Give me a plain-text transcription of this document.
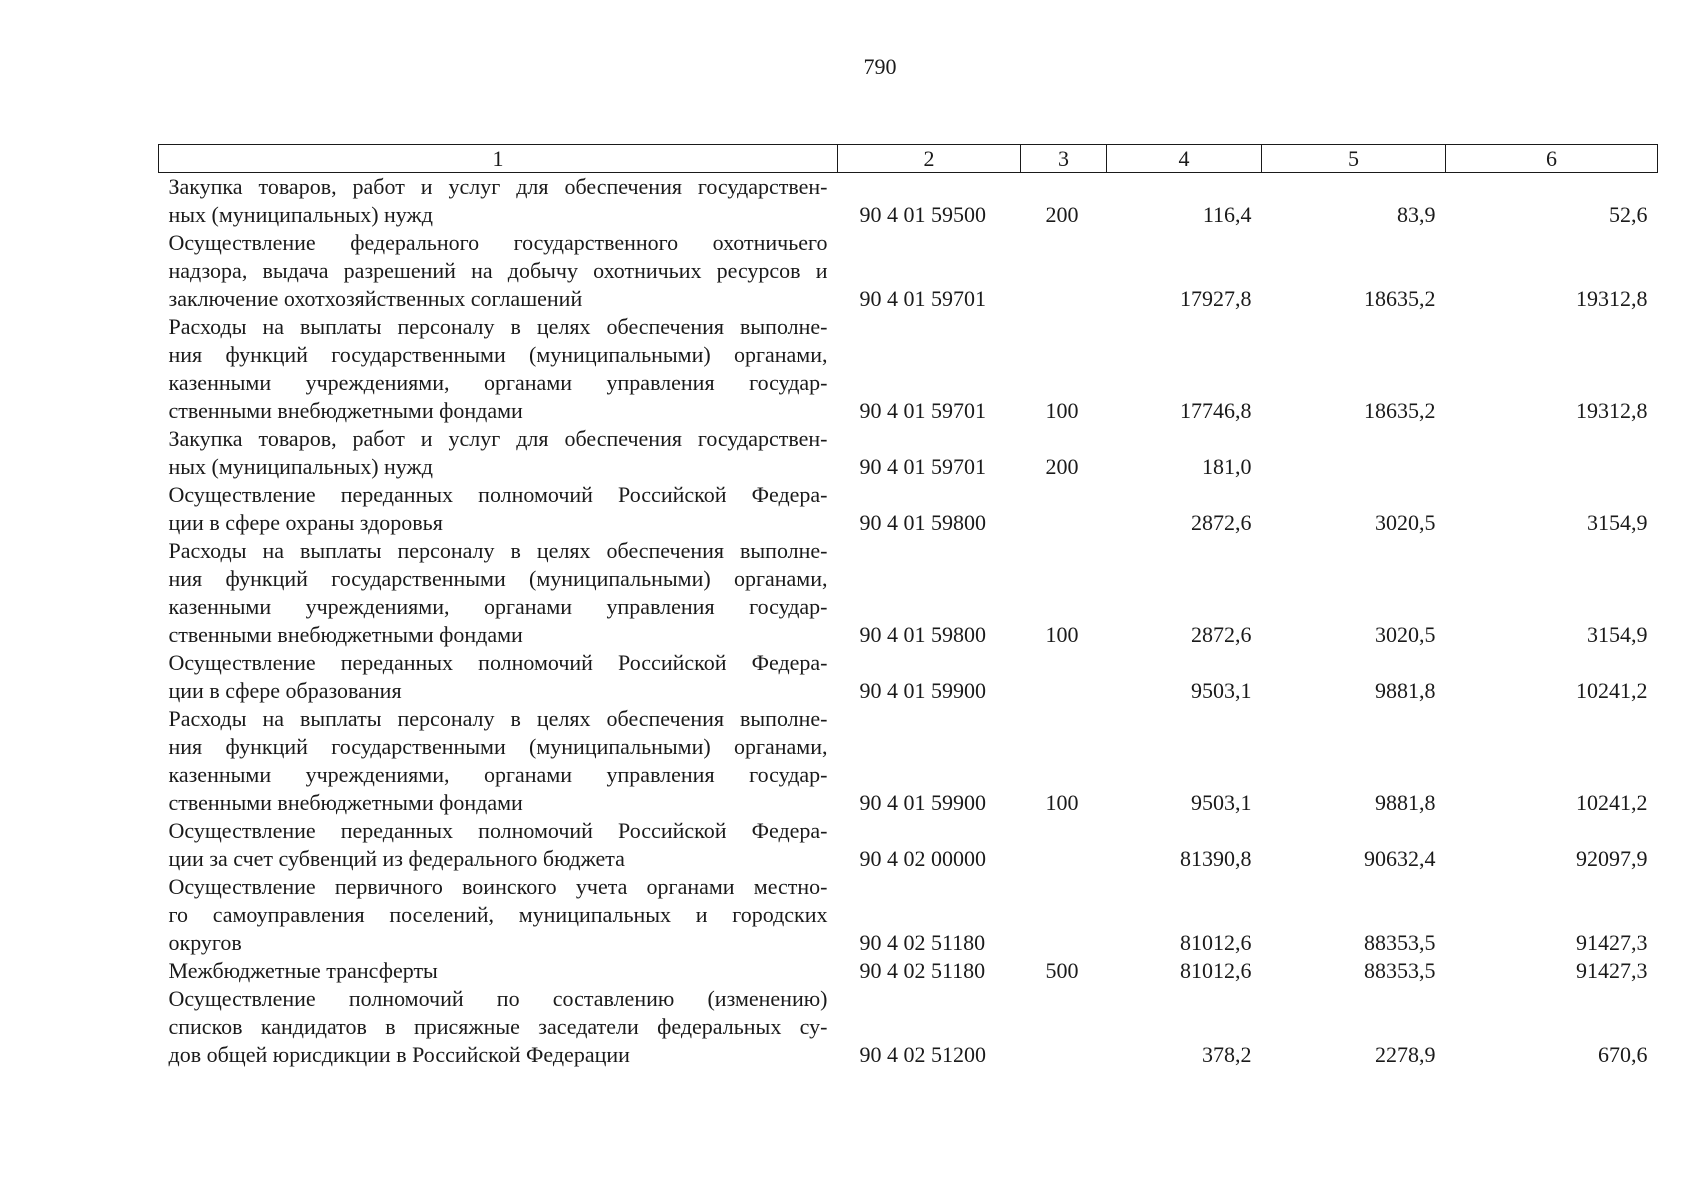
790
1	2	3	4	5	6

Закупка товаров, работ и услуг для обеспечения государствен-
ных (муниципальных) нужд	90 4 01 59500	200	116,4	83,9	52,6

Осуществление федерального государственного охотничьего
надзора, выдача разрешений на добычу охотничьих ресурсов и
заключение охотхозяйственных соглашений	90 4 01 59701		17927,8	18635,2	19312,8

Расходы на выплаты персоналу в целях обеспечения выполне-
ния функций государственными (муниципальными) органами,
казенными учреждениями, органами управления государ-
ственными внебюджетными фондами	90 4 01 59701	100	17746,8	18635,2	19312,8

Закупка товаров, работ и услуг для обеспечения государствен-
ных (муниципальных) нужд	90 4 01 59701	200	181,0		

Осуществление переданных полномочий Российской Федера-
ции в сфере охраны здоровья	90 4 01 59800		2872,6	3020,5	3154,9

Расходы на выплаты персоналу в целях обеспечения выполне-
ния функций государственными (муниципальными) органами,
казенными учреждениями, органами управления государ-
ственными внебюджетными фондами	90 4 01 59800	100	2872,6	3020,5	3154,9

Осуществление переданных полномочий Российской Федера-
ции в сфере образования	90 4 01 59900		9503,1	9881,8	10241,2

Расходы на выплаты персоналу в целях обеспечения выполне-
ния функций государственными (муниципальными) органами,
казенными учреждениями, органами управления государ-
ственными внебюджетными фондами	90 4 01 59900	100	9503,1	9881,8	10241,2

Осуществление переданных полномочий Российской Федера-
ции за счет субвенций из федерального бюджета	90 4 02 00000		81390,8	90632,4	92097,9

Осуществление первичного воинского учета органами местно-
го самоуправления поселений, муниципальных и городских
округов	90 4 02 51180		81012,6	88353,5	91427,3

Межбюджетные трансферты	90 4 02 51180	500	81012,6	88353,5	91427,3

Осуществление полномочий по составлению (изменению)
списков кандидатов в присяжные заседатели федеральных су-
дов общей юрисдикции в Российской Федерации	90 4 02 51200		378,2	2278,9	670,6
